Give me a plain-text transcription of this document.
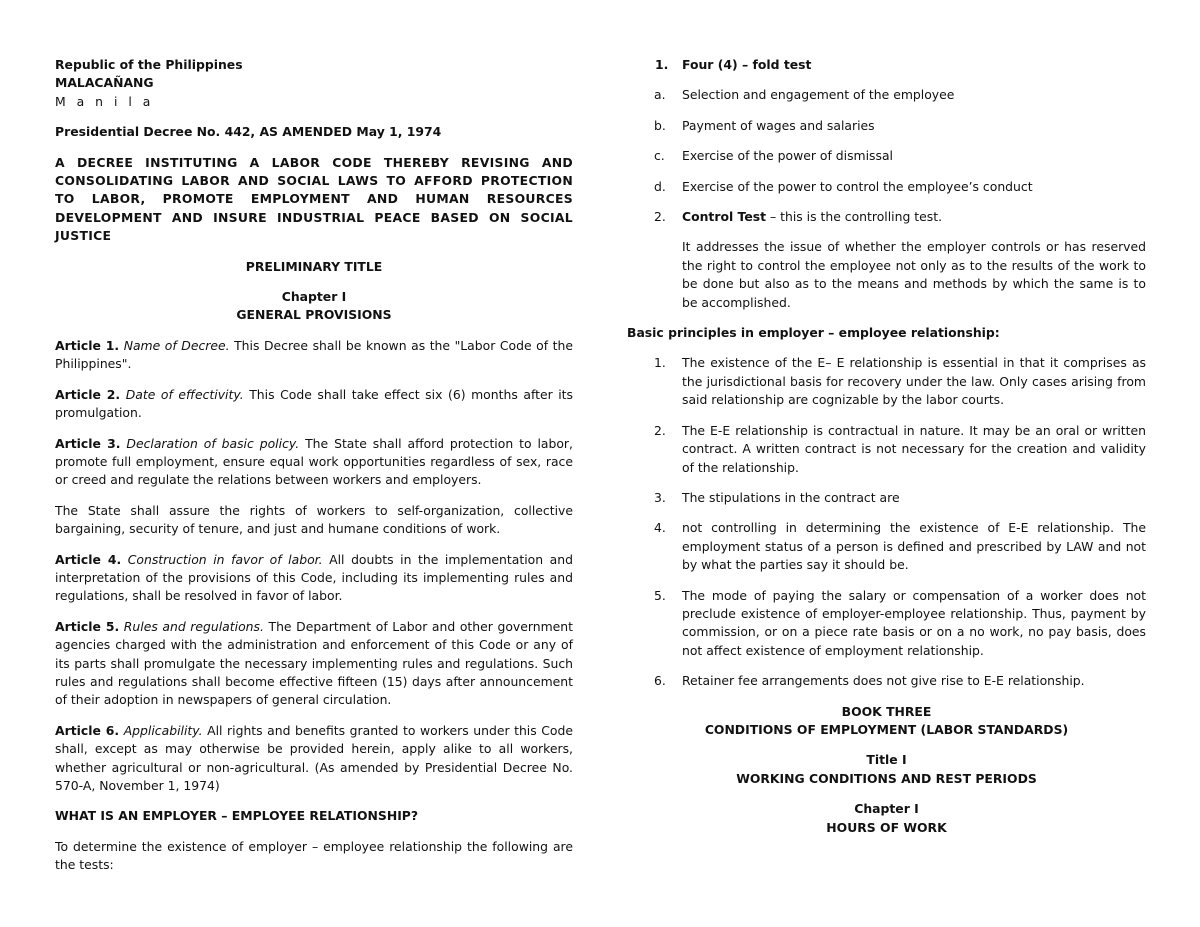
Republic of the Philippines

MALACAÑANG

M a n i l a

Presidential Decree No. 442, AS AMENDED May 1, 1974

A DECREE INSTITUTING A LABOR CODE THEREBY REVISING AND CONSOLIDATING LABOR AND SOCIAL LAWS TO AFFORD PROTECTION TO LABOR, PROMOTE EMPLOYMENT AND HUMAN RESOURCES DEVELOPMENT AND INSURE INDUSTRIAL PEACE BASED ON SOCIAL JUSTICE

PRELIMINARY TITLE

Chapter I

GENERAL PROVISIONS

Article 1. Name of Decree. This Decree shall be known as the "Labor Code of the Philippines".

Article 2. Date of effectivity. This Code shall take effect six (6) months after its promulgation.

Article 3. Declaration of basic policy. The State shall afford protection to labor, promote full employment, ensure equal work opportunities regardless of sex, race or creed and regulate the relations between workers and employers.

The State shall assure the rights of workers to self-organization, collective bargaining, security of tenure, and just and humane conditions of work.

Article 4. Construction in favor of labor. All doubts in the implementation and interpretation of the provisions of this Code, including its implementing rules and regulations, shall be resolved in favor of labor.

Article 5. Rules and regulations. The Department of Labor and other government agencies charged with the administration and enforcement of this Code or any of its parts shall promulgate the necessary implementing rules and regulations. Such rules and regulations shall become effective fifteen (15) days after announcement of their adoption in newspapers of general circulation.

Article 6. Applicability. All rights and benefits granted to workers under this Code shall, except as may otherwise be provided herein, apply alike to all workers, whether agricultural or non-agricultural. (As amended by Presidential Decree No. 570-A, November 1, 1974)

WHAT IS AN EMPLOYER – EMPLOYEE RELATIONSHIP?

To determine the existence of employer – employee relationship the following are the tests:

1. Four (4) – fold test

a. Selection and engagement of the employee

b. Payment of wages and salaries

c. Exercise of the power of dismissal

d. Exercise of the power to control the employee’s conduct

2. Control Test – this is the controlling test.

It addresses the issue of whether the employer controls or has reserved the right to control the employee not only as to the results of the work to be done but also as to the means and methods by which the same is to be accomplished.

Basic principles in employer – employee relationship:

1. The existence of the E– E relationship is essential in that it comprises as the jurisdictional basis for recovery under the law. Only cases arising from said relationship are cognizable by the labor courts.

2. The E-E relationship is contractual in nature. It may be an oral or written contract. A written contract is not necessary for the creation and validity of the relationship.

3. The stipulations in the contract are

4. not controlling in determining the existence of E-E relationship. The employment status of a person is defined and prescribed by LAW and not by what the parties say it should be.

5. The mode of paying the salary or compensation of a worker does not preclude existence of employer-employee relationship. Thus, payment by commission, or on a piece rate basis or on a no work, no pay basis, does not affect existence of employment relationship.

6. Retainer fee arrangements does not give rise to E-E relationship.

BOOK THREE

CONDITIONS OF EMPLOYMENT (LABOR STANDARDS)

Title I

WORKING CONDITIONS AND REST PERIODS

Chapter I

HOURS OF WORK
